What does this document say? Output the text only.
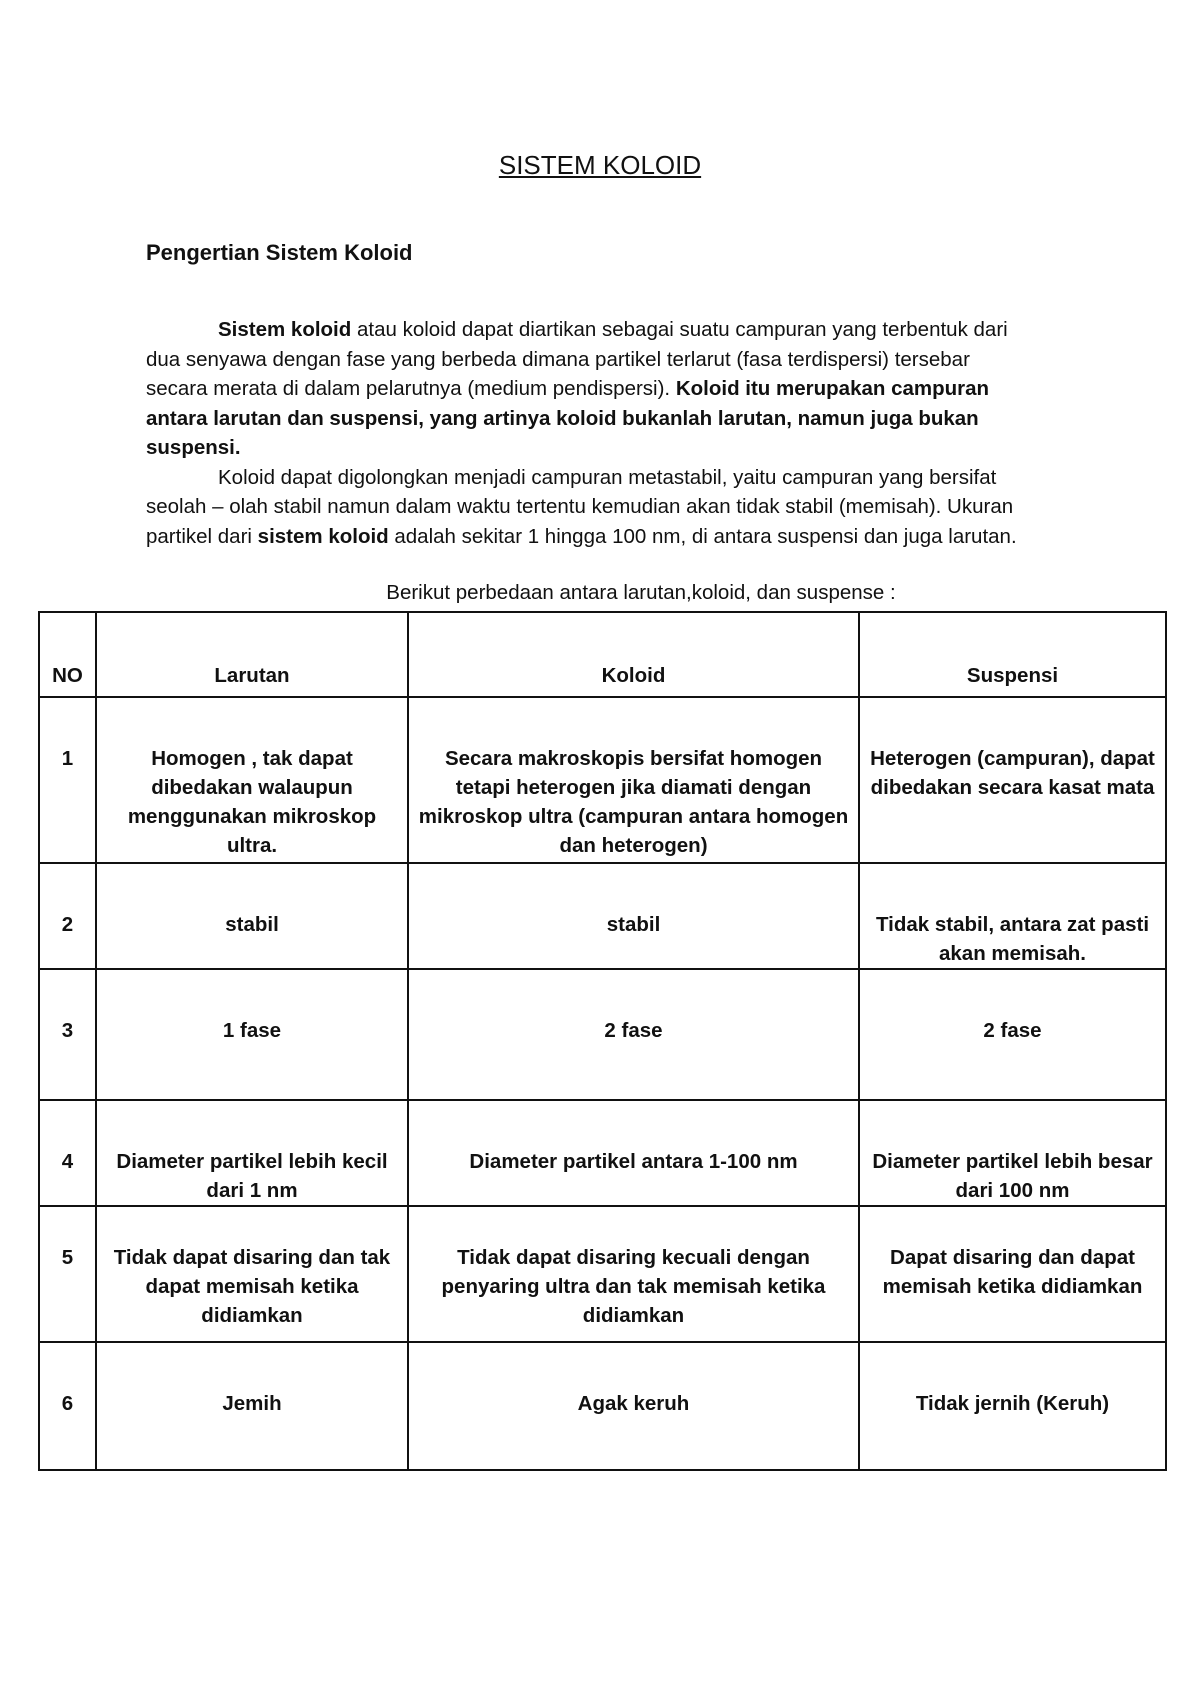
SISTEM KOLOID
Pengertian Sistem Koloid

Sistem koloid atau koloid dapat diartikan sebagai suatu campuran yang terbentuk dari dua senyawa dengan fase yang berbeda dimana partikel terlarut (fasa terdispersi) tersebar secara merata di dalam pelarutnya (medium pendispersi). Koloid itu merupakan campuran antara larutan dan suspensi, yang artinya koloid bukanlah larutan, namun juga bukan suspensi.

Koloid dapat digolongkan menjadi campuran metastabil, yaitu campuran yang bersifat seolah – olah stabil namun dalam waktu tertentu kemudian akan tidak stabil (memisah). Ukuran partikel dari sistem koloid adalah sekitar 1 hingga 100 nm, di antara suspensi dan juga larutan.

Berikut perbedaan antara larutan,koloid, dan suspense :
NO	Larutan	Koloid	Suspensi
1	Homogen , tak dapat dibedakan walaupun menggunakan mikroskop ultra.	Secara makroskopis bersifat homogen tetapi heterogen jika diamati dengan mikroskop ultra (campuran antara homogen dan heterogen)	Heterogen (campuran), dapat dibedakan secara kasat mata
2	stabil	stabil	Tidak stabil, antara zat pasti akan memisah.
3	1 fase	2 fase	2 fase
4	Diameter partikel lebih kecil dari 1 nm	Diameter partikel antara 1-100 nm	Diameter partikel lebih besar dari 100 nm
5	Tidak dapat disaring dan tak dapat memisah ketika didiamkan	Tidak dapat disaring kecuali dengan penyaring ultra dan tak memisah ketika didiamkan	Dapat disaring dan dapat memisah ketika didiamkan
6	Jemih	Agak keruh	Tidak jernih (Keruh)
